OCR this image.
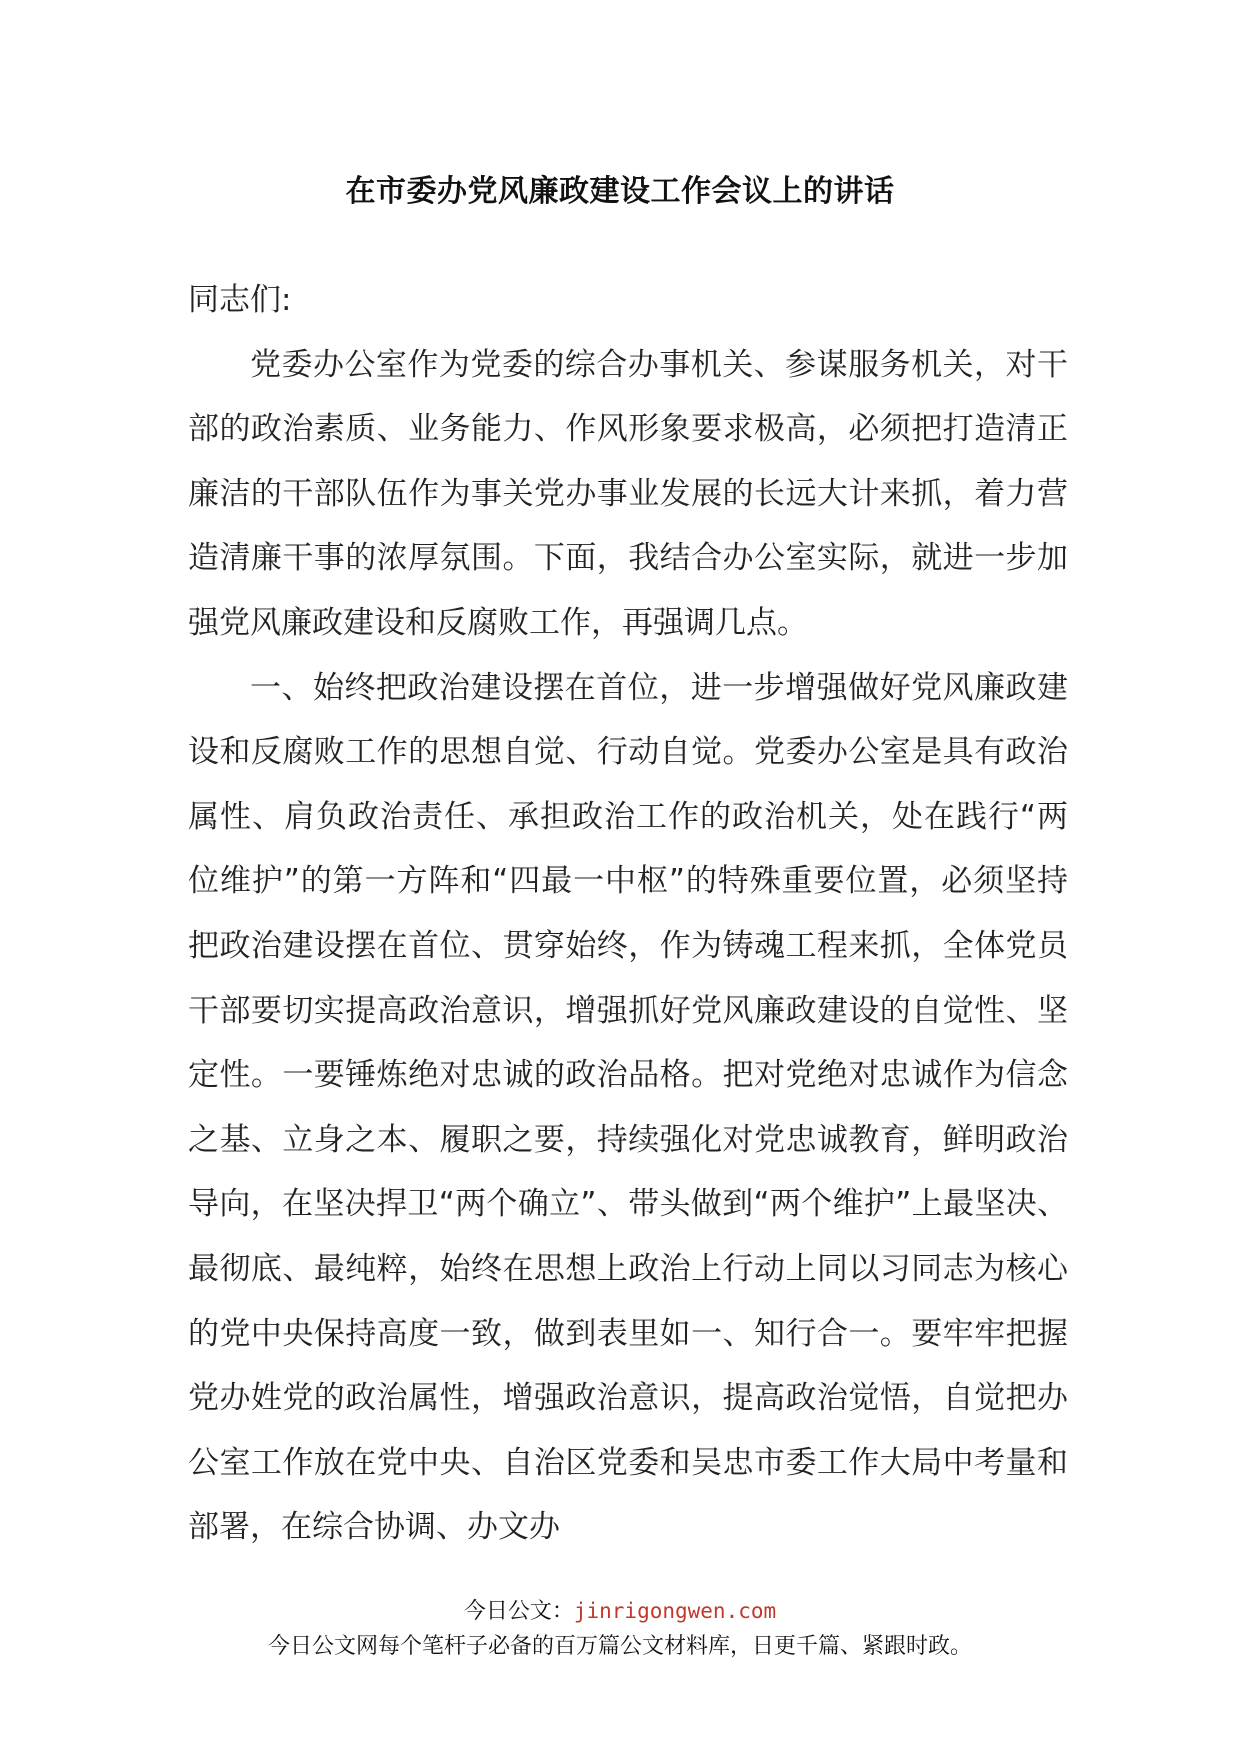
在市委办党风廉政建设工作会议上的讲话

同志们:

党委办公室作为党委的综合办事机关、参谋服务机关，对干部的政治素质、业务能力、作风形象要求极高，必须把打造清正廉洁的干部队伍作为事关党办事业发展的长远大计来抓，着力营造清廉干事的浓厚氛围。下面，我结合办公室实际，就进一步加强党风廉政建设和反腐败工作，再强调几点。

一、始终把政治建设摆在首位，进一步增强做好党风廉政建设和反腐败工作的思想自觉、行动自觉。党委办公室是具有政治属性、肩负政治责任、承担政治工作的政治机关，处在践行“两位维护”的第一方阵和“四最一中枢”的特殊重要位置，必须坚持把政治建设摆在首位、贯穿始终，作为铸魂工程来抓，全体党员干部要切实提高政治意识，增强抓好党风廉政建设的自觉性、坚定性。一要锤炼绝对忠诚的政治品格。把对党绝对忠诚作为信念之基、立身之本、履职之要，持续强化对党忠诚教育，鲜明政治导向，在坚决捍卫“两个确立”、带头做到“两个维护”上最坚决、最彻底、最纯粹，始终在思想上政治上行动上同以习同志为核心的党中央保持高度一致，做到表里如一、知行合一。要牢牢把握党办姓党的政治属性，增强政治意识，提高政治觉悟，自觉把办公室工作放在党中央、自治区党委和吴忠市委工作大局中考量和部署，在综合协调、办文办

今日公文：jinrigongwen.com
今日公文网每个笔杆子必备的百万篇公文材料库，日更千篇、紧跟时政。
